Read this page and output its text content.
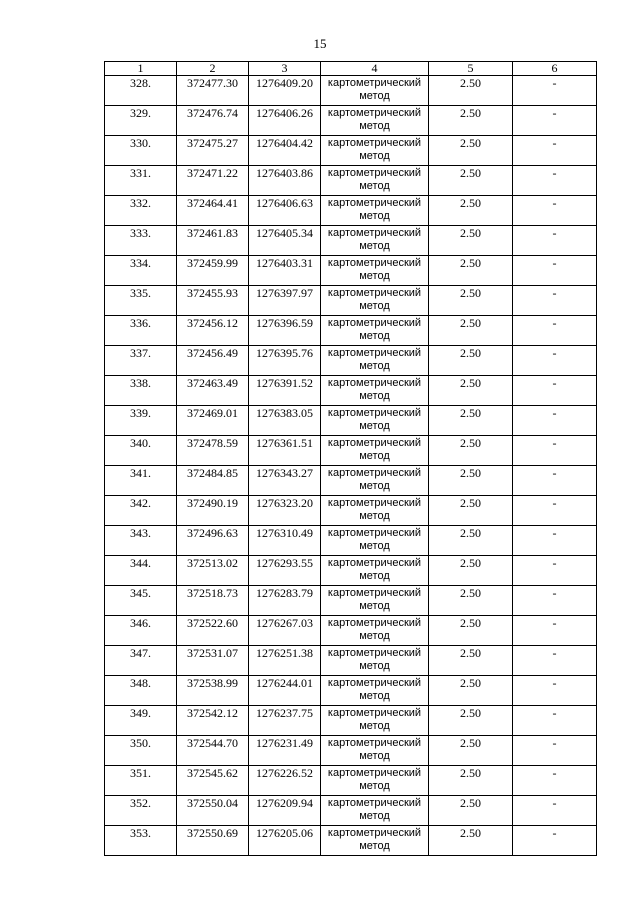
15
1	2	3	4	5	6
328.	372477.30	1276409.20	картометрический метод	2.50	-
329.	372476.74	1276406.26	картометрический метод	2.50	-
330.	372475.27	1276404.42	картометрический метод	2.50	-
331.	372471.22	1276403.86	картометрический метод	2.50	-
332.	372464.41	1276406.63	картометрический метод	2.50	-
333.	372461.83	1276405.34	картометрический метод	2.50	-
334.	372459.99	1276403.31	картометрический метод	2.50	-
335.	372455.93	1276397.97	картометрический метод	2.50	-
336.	372456.12	1276396.59	картометрический метод	2.50	-
337.	372456.49	1276395.76	картометрический метод	2.50	-
338.	372463.49	1276391.52	картометрический метод	2.50	-
339.	372469.01	1276383.05	картометрический метод	2.50	-
340.	372478.59	1276361.51	картометрический метод	2.50	-
341.	372484.85	1276343.27	картометрический метод	2.50	-
342.	372490.19	1276323.20	картометрический метод	2.50	-
343.	372496.63	1276310.49	картометрический метод	2.50	-
344.	372513.02	1276293.55	картометрический метод	2.50	-
345.	372518.73	1276283.79	картометрический метод	2.50	-
346.	372522.60	1276267.03	картометрический метод	2.50	-
347.	372531.07	1276251.38	картометрический метод	2.50	-
348.	372538.99	1276244.01	картометрический метод	2.50	-
349.	372542.12	1276237.75	картометрический метод	2.50	-
350.	372544.70	1276231.49	картометрический метод	2.50	-
351.	372545.62	1276226.52	картометрический метод	2.50	-
352.	372550.04	1276209.94	картометрический метод	2.50	-
353.	372550.69	1276205.06	картометрический метод	2.50	-
